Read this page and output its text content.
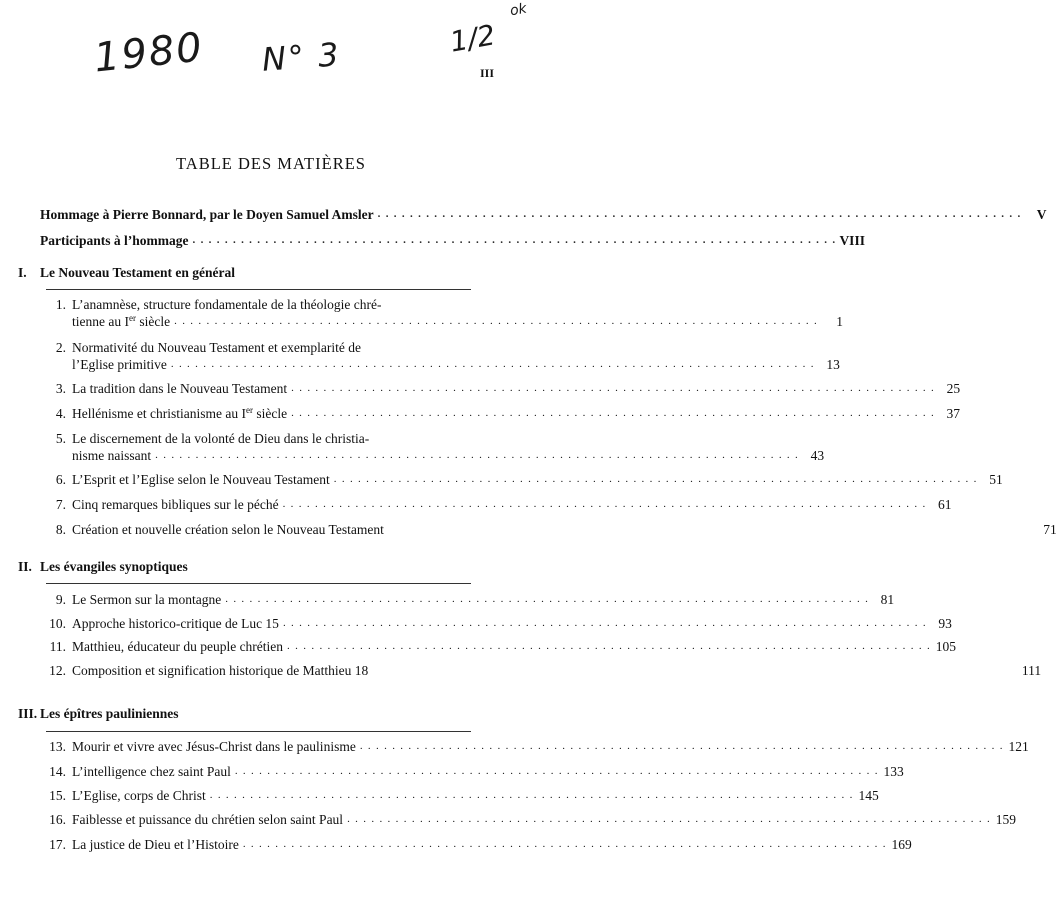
1980 N° 3	1/2
ok
III
TABLE DES MATIÈRES
Hommage à Pierre Bonnard, par le Doyen Samuel Amsler . . . . . . . . . . . . . . . . . . . . . . . . . . . . . . . . . . . . . . . . . . . . . . . . . . . . . . . . . . . . . . . . . . . . . . . . . . . . . . . .	V
Participants à l’hommage . . . . . . . . . . . . . . . . . . . . . . . . . . . . . . . . . . . . . . . . . . . . . . . . . . . . . . . . . . . . . . . . . . . . . . . . . . . . . . . . VIII
I. Le Nouveau Testament en général
1. L’anamnèse, structure fondamentale de la théologie chré-
tienne au Ier siècle . . . . . . . . . . . . . . . . . . . . . . . . . . . . . . . . . . . . . . . . . . . . . . . . . . . . . . . . . . . . . . . . . . . . . . . . . . . . . . . .	1
2. Normativité du Nouveau Testament et exemplarité de
l’Eglise primitive . . . . . . . . . . . . . . . . . . . . . . . . . . . . . . . . . . . . . . . . . . . . . . . . . . . . . . . . . . . . . . . . . . . . . . . . . . . . . . . . 13
3. La tradition dans le Nouveau Testament . . . . . . . . . . . . . . . . . . . . . . . . . . . . . . . . . . . . . . . . . . . . . . . . . . . . . . . . . . . . . . . . . . . . . . . . . . . . . . . . 25
4. Hellénisme et christianisme au Ier siècle . . . . . . . . . . . . . . . . . . . . . . . . . . . . . . . . . . . . . . . . . . . . . . . . . . . . . . . . . . . . . . . . . . . . . . . . . . . . . . . . 37
5. Le discernement de la volonté de Dieu dans le christia-
nisme naissant . . . . . . . . . . . . . . . . . . . . . . . . . . . . . . . . . . . . . . . . . . . . . . . . . . . . . . . . . . . . . . . . . . . . . . . . . . . . . . . . 43
6. L’Esprit et l’Eglise selon le Nouveau Testament . . . . . . . . . . . . . . . . . . . . . . . . . . . . . . . . . . . . . . . . . . . . . . . . . . . . . . . . . . . . . . . . . . . . . . . . . . . . . . . . 51
7. Cinq remarques bibliques sur le péché . . . . . . . . . . . . . . . . . . . . . . . . . . . . . . . . . . . . . . . . . . . . . . . . . . . . . . . . . . . . . . . . . . . . . . . . . . . . . . . . 61
8. Création et nouvelle création selon le Nouveau Testament	71
II. Les évangiles synoptiques
9. Le Sermon sur la montagne . . . . . . . . . . . . . . . . . . . . . . . . . . . . . . . . . . . . . . . . . . . . . . . . . . . . . . . . . . . . . . . . . . . . . . . . . . . . . . . . 81
10. Approche historico-critique de Luc 15 . . . . . . . . . . . . . . . . . . . . . . . . . . . . . . . . . . . . . . . . . . . . . . . . . . . . . . . . . . . . . . . . . . . . . . . . . . . . . . . . 93
11. Matthieu, éducateur du peuple chrétien . . . . . . . . . . . . . . . . . . . . . . . . . . . . . . . . . . . . . . . . . . . . . . . . . . . . . . . . . . . . . . . . . . . . . . . . . . . . . . . . 105
12. Composition et signification historique de Matthieu 18	111
III. Les épîtres pauliniennes
13. Mourir et vivre avec Jésus-Christ dans le paulinisme . . . . . . . . . . . . . . . . . . . . . . . . . . . . . . . . . . . . . . . . . . . . . . . . . . . . . . . . . . . . . . . . . . . . . . . . . . . . . . . . 121
14. L’intelligence chez saint Paul . . . . . . . . . . . . . . . . . . . . . . . . . . . . . . . . . . . . . . . . . . . . . . . . . . . . . . . . . . . . . . . . . . . . . . . . . . . . . . . . 133
15. L’Eglise, corps de Christ . . . . . . . . . . . . . . . . . . . . . . . . . . . . . . . . . . . . . . . . . . . . . . . . . . . . . . . . . . . . . . . . . . . . . . . . . . . . . . . . 145
16. Faiblesse et puissance du chrétien selon saint Paul . . . . . . . . . . . . . . . . . . . . . . . . . . . . . . . . . . . . . . . . . . . . . . . . . . . . . . . . . . . . . . . . . . . . . . . . . . . . . . . . 159
17. La justice de Dieu et l’Histoire . . . . . . . . . . . . . . . . . . . . . . . . . . . . . . . . . . . . . . . . . . . . . . . . . . . . . . . . . . . . . . . . . . . . . . . . . . . . . . . . 169
